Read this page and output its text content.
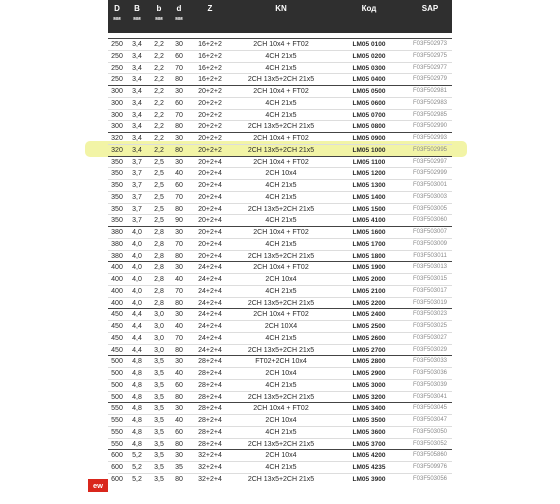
D	B	b	d	Z	KN	Код	SAP
мм	мм	мм	мм
250	3,4	2,2	30	16+2+2	2CH 10x4 + FT02	LM05 0100	F03F502973
250	3,4	2,2	60	16+2+2	4CH 21x5	LM05 0200	F03F502975
250	3,4	2,2	70	16+2+2	4CH 21x5	LM05 0300	F03F502977
250	3,4	2,2	80	16+2+2	2CH 13x5+2CH 21x5	LM05 0400	F03F502979
300	3,4	2,2	30	20+2+2	2CH 10x4 + FT02	LM05 0500	F03F502981
300	3,4	2,2	60	20+2+2	4CH 21x5	LM05 0600	F03F502983
300	3,4	2,2	70	20+2+2	4CH 21x5	LM05 0700	F03F502985
300	3,4	2,2	80	20+2+2	2CH 13x5+2CH 21x5	LM05 0800	F03F502990
320	3,4	2,2	30	20+2+2	2CH 10x4 + FT02	LM05 0900	F03F502993
320	3,4	2,2	80	20+2+2	2CH 13x5+2CH 21x5	LM05 1000	F03F502995
350	3,7	2,5	30	20+2+4	2CH 10x4 + FT02	LM05 1100	F03F502997
350	3,7	2,5	40	20+2+4	2CH 10x4	LM05 1200	F03F502999
350	3,7	2,5	60	20+2+4	4CH 21x5	LM05 1300	F03F503001
350	3,7	2,5	70	20+2+4	4CH 21x5	LM05 1400	F03F503003
350	3,7	2,5	80	20+2+4	2CH 13x5+2CH 21x5	LM05 1500	F03F503005
350	3,7	2,5	90	20+2+4	4CH 21x5	LM05 4100	F03F503060
380	4,0	2,8	30	20+2+4	2CH 10x4 + FT02	LM05 1600	F03F503007
380	4,0	2,8	70	20+2+4	4CH 21x5	LM05 1700	F03F503009
380	4,0	2,8	80	20+2+4	2CH 13x5+2CH 21x5	LM05 1800	F03F503011
400	4,0	2,8	30	24+2+4	2CH 10x4 + FT02	LM05 1900	F03F503013
400	4,0	2,8	40	24+2+4	2CH 10x4	LM05 2000	F03F503015
400	4,0	2,8	70	24+2+4	4CH 21x5	LM05 2100	F03F503017
400	4,0	2,8	80	24+2+4	2CH 13x5+2CH 21x5	LM05 2200	F03F503019
450	4,4	3,0	30	24+2+4	2CH 10x4 + FT02	LM05 2400	F03F503023
450	4,4	3,0	40	24+2+4	2CH 10X4	LM05 2500	F03F503025
450	4,4	3,0	70	24+2+4	4CH 21x5	LM05 2600	F03F503027
450	4,4	3,0	80	24+2+4	2CH 13x5+2CH 21x5	LM05 2700	F03F503029
500	4,8	3,5	30	28+2+4	FT02+2CH 10x4	LM05 2800	F03F503033
500	4,8	3,5	40	28+2+4	2CH 10x4	LM05 2900	F03F503036
500	4,8	3,5	60	28+2+4	4CH 21x5	LM05 3000	F03F503039
500	4,8	3,5	80	28+2+4	2CH 13x5+2CH 21x5	LM05 3200	F03F503041
550	4,8	3,5	30	28+2+4	2CH 10x4 + FT02	LM05 3400	F03F503045
550	4,8	3,5	40	28+2+4	2CH 10x4	LM05 3500	F03F503047
550	4,8	3,5	60	28+2+4	4CH 21x5	LM05 3600	F03F503050
550	4,8	3,5	80	28+2+4	2CH 13x5+2CH 21x5	LM05 3700	F03F503052
600	5,2	3,5	30	32+2+4	2CH 10x4	LM05 4200	F03F505860
600	5,2	3,5	35	32+2+4	4CH 21x5	LM05 4235	F03F509976
600	5,2	3,5	80	32+2+4	2CH 13x5+2CH 21x5	LM05 3900	F03F503056
ew
